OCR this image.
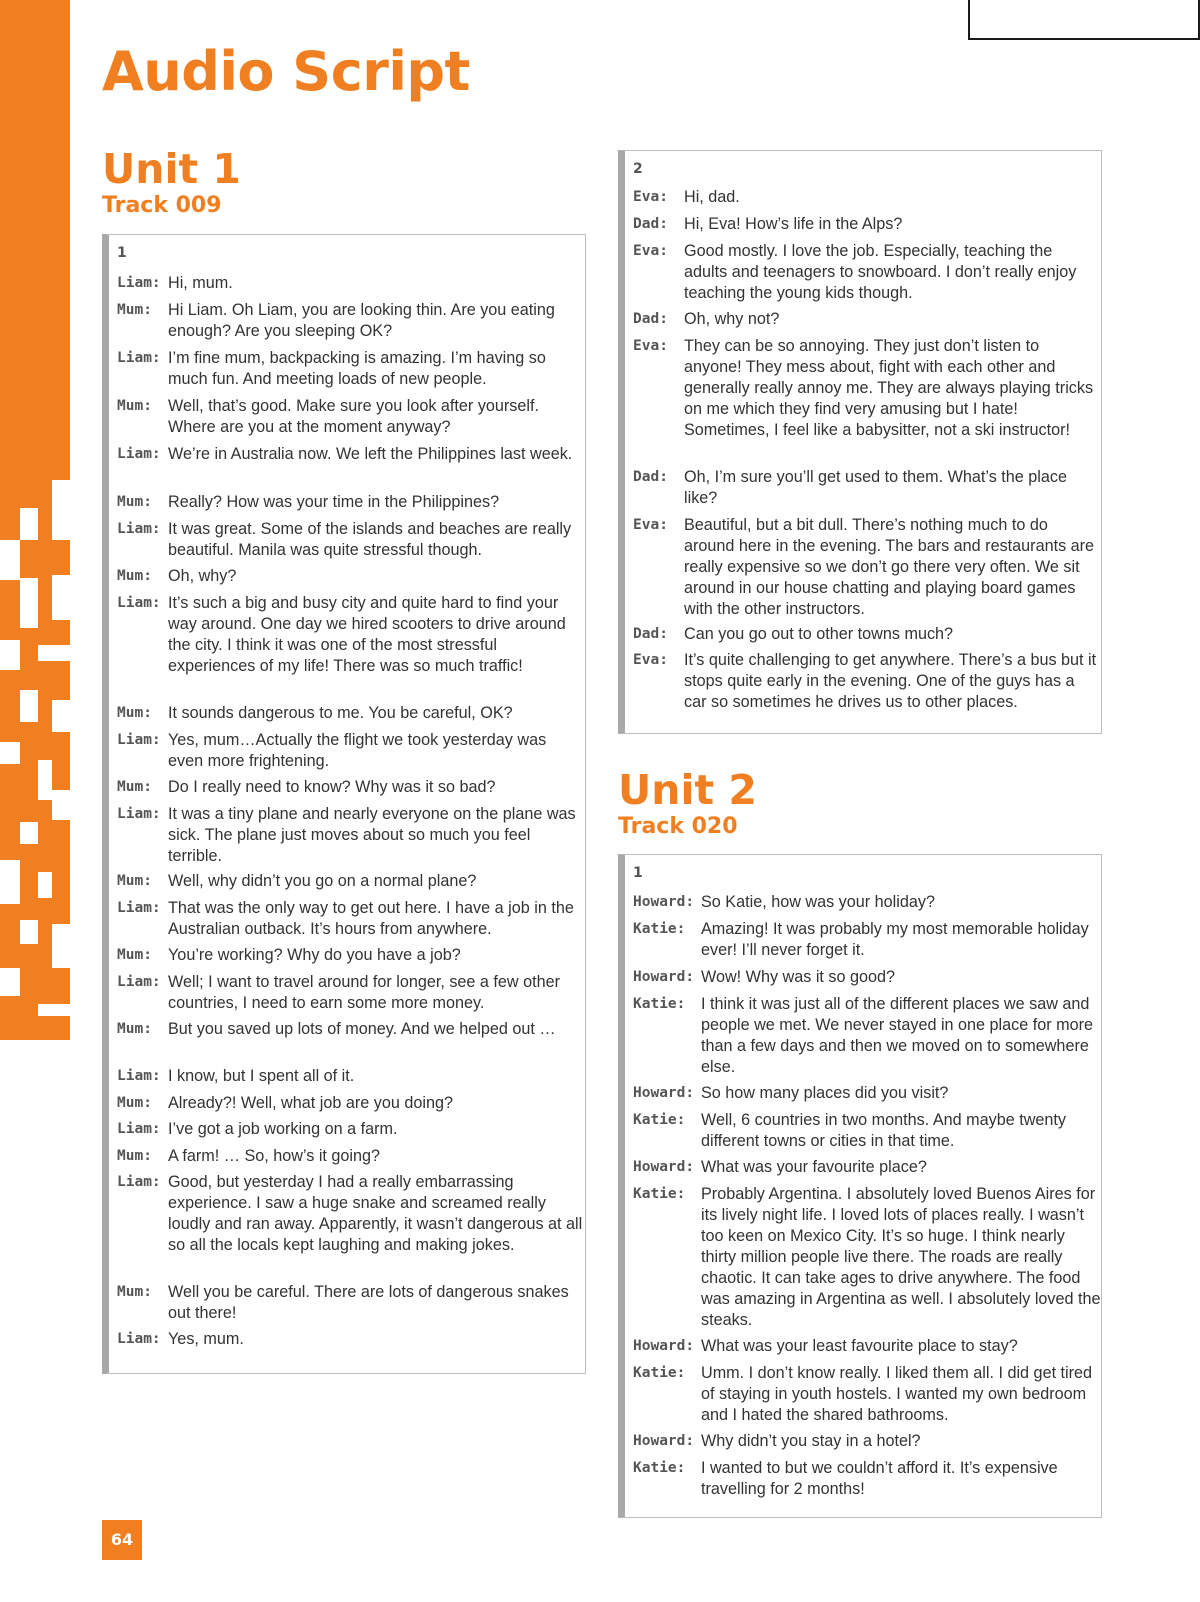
Audio Script
Unit 1
Track 009
1
Liam: Hi, mum.
Mum: Hi Liam. Oh Liam, you are looking thin. Are you eating enough? Are you sleeping OK?
Liam: I’m fine mum, backpacking is amazing. I’m having so much fun. And meeting loads of new people.
Mum: Well, that’s good. Make sure you look after yourself. Where are you at the moment anyway?
Liam: We’re in Australia now. We left the Philippines last week.
Mum: Really? How was your time in the Philippines?
Liam: It was great. Some of the islands and beaches are really beautiful. Manila was quite stressful though.
Mum: Oh, why?
Liam: It’s such a big and busy city and quite hard to find your way around. One day we hired scooters to drive around the city. I think it was one of the most stressful experiences of my life! There was so much traffic!
Mum: It sounds dangerous to me. You be careful, OK?
Liam: Yes, mum…Actually the flight we took yesterday was even more frightening.
Mum: Do I really need to know? Why was it so bad?
Liam: It was a tiny plane and nearly everyone on the plane was sick. The plane just moves about so much you feel terrible.
Mum: Well, why didn’t you go on a normal plane?
Liam: That was the only way to get out here. I have a job in the Australian outback. It’s hours from anywhere.
Mum: You’re working? Why do you have a job?
Liam: Well; I want to travel around for longer, see a few other countries, I need to earn some more money.
Mum: But you saved up lots of money. And we helped out …
Liam: I know, but I spent all of it.
Mum: Already?! Well, what job are you doing?
Liam: I’ve got a job working on a farm.
Mum: A farm! … So, how’s it going?
Liam: Good, but yesterday I had a really embarrassing experience. I saw a huge snake and screamed really loudly and ran away. Apparently, it wasn’t dangerous at all so all the locals kept laughing and making jokes.
Mum: Well you be careful. There are lots of dangerous snakes out there!
Liam: Yes, mum.
2
Eva: Hi, dad.
Dad: Hi, Eva! How’s life in the Alps?
Eva: Good mostly. I love the job. Especially, teaching the adults and teenagers to snowboard. I don’t really enjoy teaching the young kids though.
Dad: Oh, why not?
Eva: They can be so annoying. They just don’t listen to anyone! They mess about, fight with each other and generally really annoy me. They are always playing tricks on me which they find very amusing but I hate! Sometimes, I feel like a babysitter, not a ski instructor!
Dad: Oh, I’m sure you’ll get used to them. What’s the place like?
Eva: Beautiful, but a bit dull. There’s nothing much to do around here in the evening. The bars and restaurants are really expensive so we don’t go there very often. We sit around in our house chatting and playing board games with the other instructors.
Dad: Can you go out to other towns much?
Eva: It’s quite challenging to get anywhere. There’s a bus but it stops quite early in the evening. One of the guys has a car so sometimes he drives us to other places.
Unit 2
Track 020
1
Howard: So Katie, how was your holiday?
Katie: Amazing! It was probably my most memorable holiday ever! I’ll never forget it.
Howard: Wow! Why was it so good?
Katie: I think it was just all of the different places we saw and people we met. We never stayed in one place for more than a few days and then we moved on to somewhere else.
Howard: So how many places did you visit?
Katie: Well, 6 countries in two months. And maybe twenty different towns or cities in that time.
Howard: What was your favourite place?
Katie: Probably Argentina. I absolutely loved Buenos Aires for its lively night life. I loved lots of places really. I wasn’t too keen on Mexico City. It’s so huge. I think nearly thirty million people live there. The roads are really chaotic. It can take ages to drive anywhere. The food was amazing in Argentina as well. I absolutely loved the steaks.
Howard: What was your least favourite place to stay?
Katie: Umm. I don’t know really. I liked them all. I did get tired of staying in youth hostels. I wanted my own bedroom and I hated the shared bathrooms.
Howard: Why didn’t you stay in a hotel?
Katie: I wanted to but we couldn’t afford it. It’s expensive travelling for 2 months!
64
